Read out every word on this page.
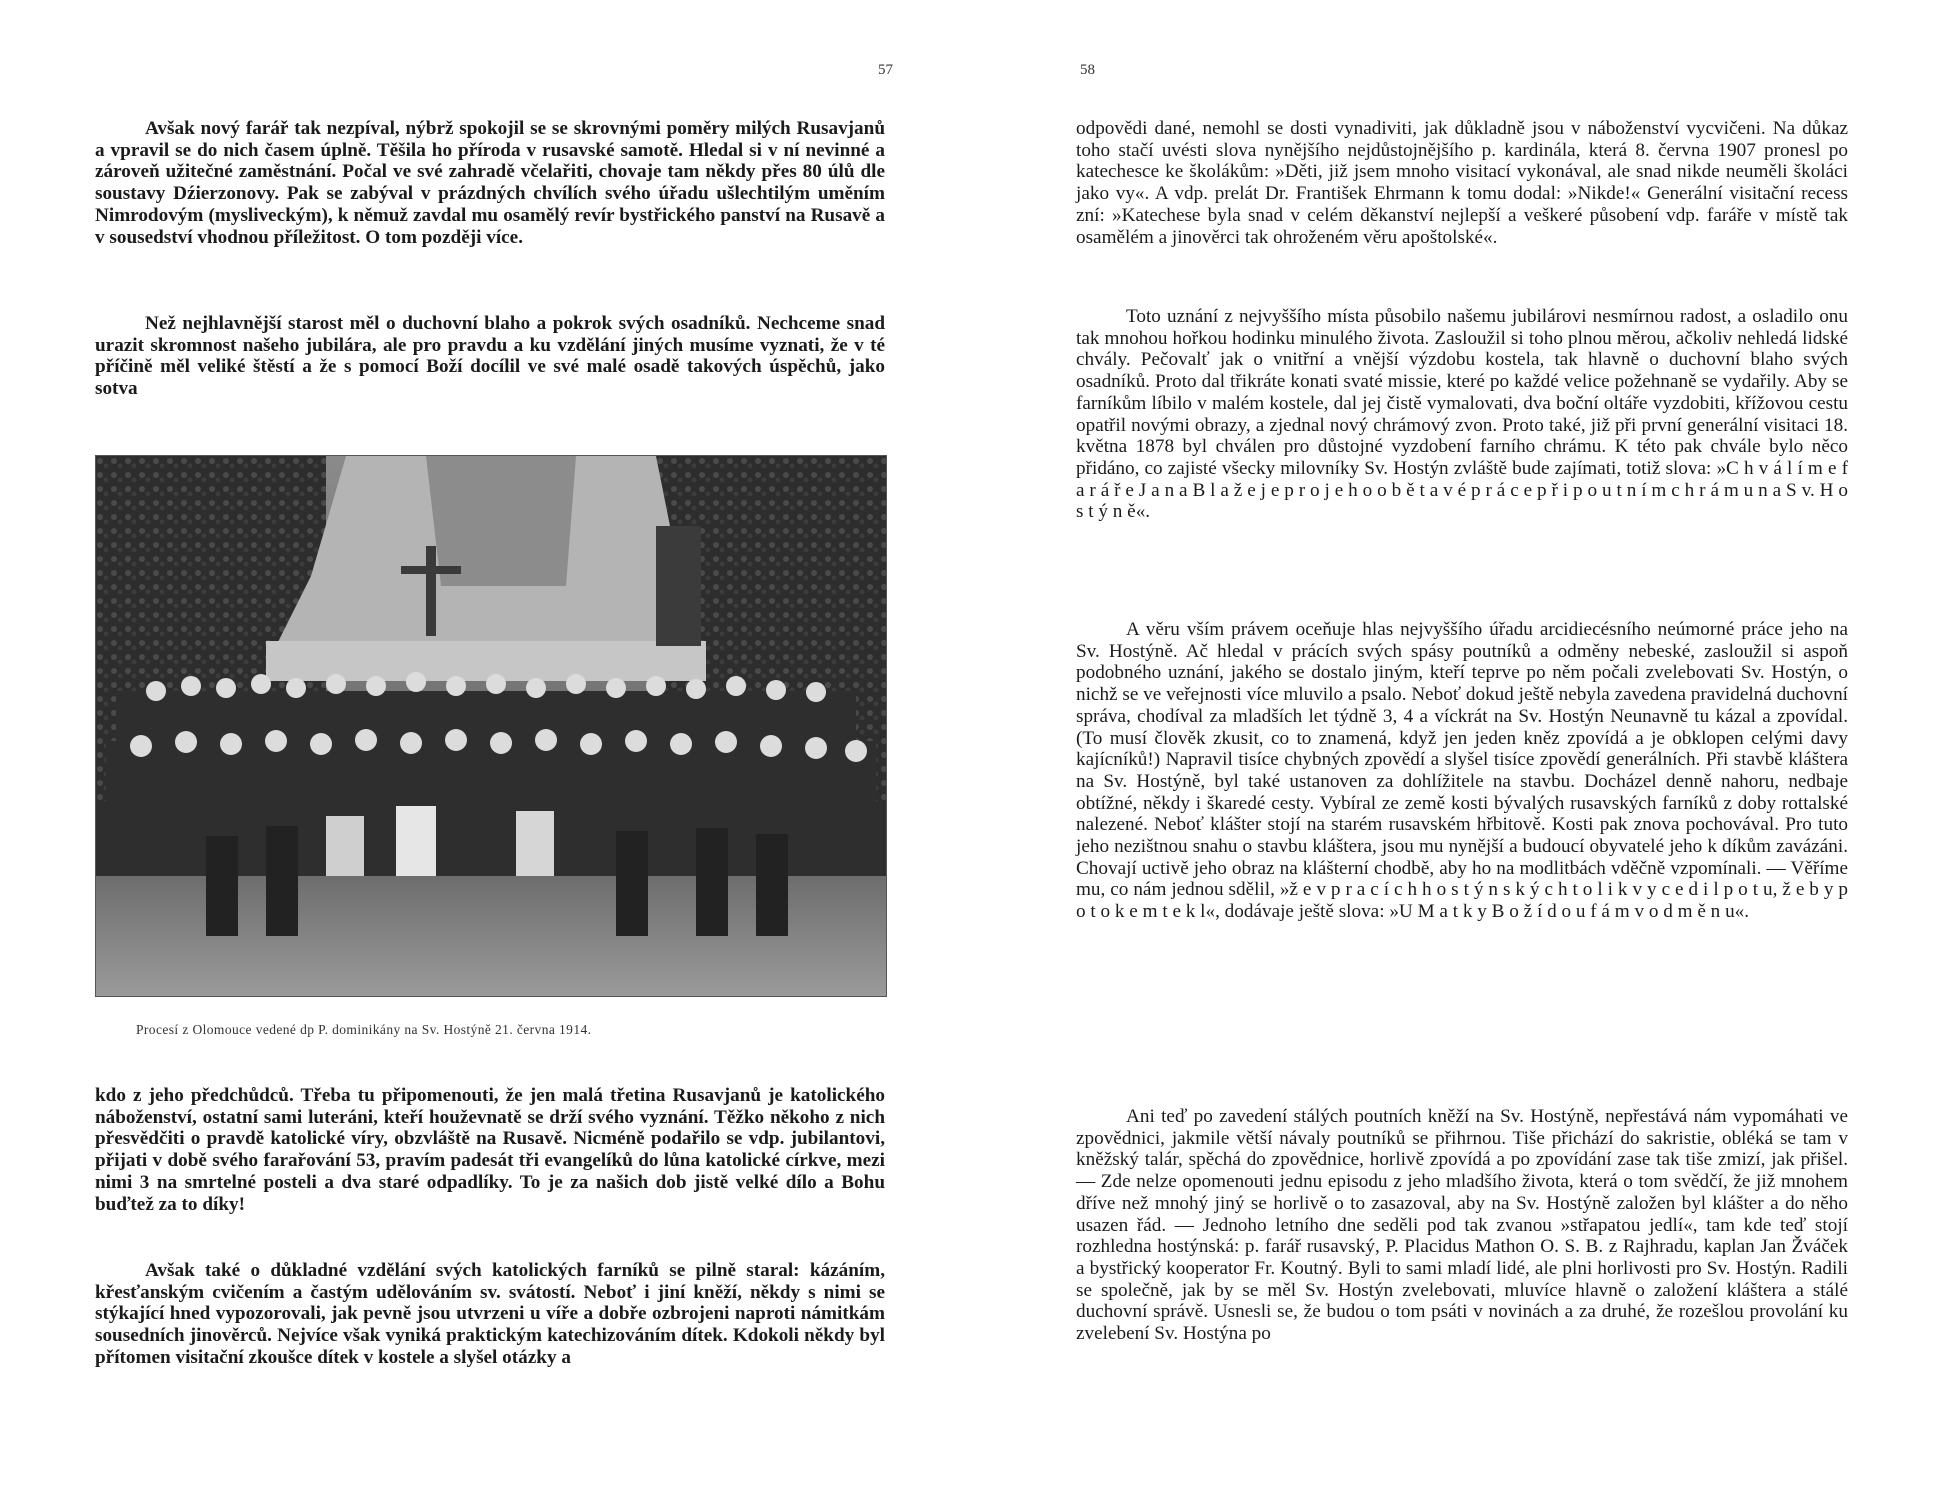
57

Avšak nový farář tak nezpíval, nýbrž spokojil se se skrovnými poměry milých Rusavjanů a vpravil se do nich časem úplně. Těšila ho příroda v rusavské samotě. Hledal si v ní nevinné a zároveň užitečné zaměstnání. Počal ve své zahradě včelařiti, chovaje tam někdy přes 80 úlů dle soustavy Dźierzonovy. Pak se zabýval v prázdných chvílích svého úřadu ušlechtilým uměním Nimrodovým (mysliveckým), k němuž zavdal mu osamělý revír bystřického panství na Rusavě a v sousedství vhodnou příležitost. O tom později více.

Než nejhlavnější starost měl o duchovní blaho a pokrok svých osadníků. Nechceme snad urazit skromnost našeho jubilára, ale pro pravdu a ku vzdělání jiných musíme vyznati, že v té příčině měl veliké štěstí a že s pomocí Boží docílil ve své malé osadě takových úspěchů, jako sotva

Procesí z Olomouce vedené dp P. dominikány na Sv. Hostýně 21. června 1914.

kdo z jeho předchůdců. Třeba tu připomenouti, že jen malá třetina Rusavjanů je katolického náboženství, ostatní sami luteráni, kteří houževnatě se drží svého vyznání. Těžko někoho z nich přesvědčiti o pravdě katolické víry, obzvláště na Rusavě. Nicméně podařilo se vdp. jubilantovi, přijati v době svého farařování 53, pravím padesát tři evangelíků do lůna katolické církve, mezi nimi 3 na smrtelné posteli a dva staré odpadlíky. To je za našich dob jistě velké dílo a Bohu buďtež za to díky!

Avšak také o důkladné vzdělání svých katolických farníků se pilně staral: kázáním, křesťanským cvičením a častým udělováním sv. svátostí. Neboť i jiní kněží, někdy s nimi se stýkající hned vypozorovali, jak pevně jsou utvrzeni u víře a dobře ozbrojeni naproti námitkám sousedních jinověrců. Nejvíce však vyniká praktickým katechizováním dítek. Kdokoli někdy byl přítomen visitační zkoušce dítek v kostele a slyšel otázky a

58

odpovědi dané, nemohl se dosti vynadiviti, jak důkladně jsou v náboženství vycvičeni. Na důkaz toho stačí uvésti slova nynějšího nejdůstojnějšího p. kardinála, která 8. června 1907 pronesl po katechesce ke školákům: »Děti, již jsem mnoho visitací vykonával, ale snad nikde neuměli školáci jako vy«. A vdp. prelát Dr. František Ehrmann k tomu dodal: »Nikde!« Generální visitační recess zní: »Katechese byla snad v celém děkanství nejlepší a veškeré působení vdp. faráře v místě tak osamělém a jinověrci tak ohroženém věru apoštolské«.

Toto uznání z nejvyššího místa působilo našemu jubilárovi nesmírnou radost, a osladilo onu tak mnohou hořkou hodinku minulého života. Zasloužil si toho plnou měrou, ačkoliv nehledá lidské chvály. Pečovalť jak o vnitřní a vnější výzdobu kostela, tak hlavně o duchovní blaho svých osadníků. Proto dal třikráte konati svaté missie, které po každé velice požehnaně se vydařily. Aby se farníkům líbilo v malém kostele, dal jej čistě vymalovati, dva boční oltáře vyzdobiti, křížovou cestu opatřil novými obrazy, a zjednal nový chrámový zvon. Proto také, již při první generální visitaci 18. května 1878 byl chválen pro důstojné vyzdobení farního chrámu. K této pak chvále bylo něco přidáno, co zajisté všecky milovníky Sv. Hostýn zvláště bude zajímati, totiž slova: »C h v á l í m e f a r á ř e J a n a B l a ž e j e p r o j e h o o b ě t a v é p r á c e p ř i p o u t n í m c h r á m u n a S v. H o s t ý n ě«.

A věru vším právem oceňuje hlas nejvyššího úřadu arcidiecésního neúmorné práce jeho na Sv. Hostýně. Ač hledal v prácích svých spásy poutníků a odměny nebeské, zasloužil si aspoň podobného uznání, jakého se dostalo jiným, kteří teprve po něm počali zvelebovati Sv. Hostýn, o nichž se ve veřejnosti více mluvilo a psalo. Neboť dokud ještě nebyla zavedena pravidelná duchovní správa, chodíval za mladších let týdně 3, 4 a víckrát na Sv. Hostýn Neunavně tu kázal a zpovídal. (To musí člověk zkusit, co to znamená, když jen jeden kněz zpovídá a je obklopen celými davy kajícníků!) Napravil tisíce chybných zpovědí a slyšel tisíce zpovědí generálních. Při stavbě kláštera na Sv. Hostýně, byl také ustanoven za dohlížitele na stavbu. Docházel denně nahoru, nedbaje obtížné, někdy i škaredé cesty. Vybíral ze země kosti bývalých rusavských farníků z doby rottalské nalezené. Neboť klášter stojí na starém rusavském hřbitově. Kosti pak znova pochovával. Pro tuto jeho nezištnou snahu o stavbu kláštera, jsou mu nynější a budoucí obyvatelé jeho k díkům zavázáni. Chovají uctivě jeho obraz na klášterní chodbě, aby ho na modlitbách vděčně vzpomínali. — Věříme mu, co nám jednou sdělil, »ž e v p r a c í c h h o s t ý n s k ý c h t o l i k v y c e d i l p o t u, ž e b y p o t o k e m t e k l«, dodávaje ještě slova: »U M a t k y B o ž í d o u f á m v o d m ě n u«.

Ani teď po zavedení stálých poutních kněží na Sv. Hostýně, nepřestává nám vypomáhati ve zpovědnici, jakmile větší návaly poutníků se přihrnou. Tiše přichází do sakristie, obléká se tam v kněžský talár, spěchá do zpovědnice, horlivě zpovídá a po zpovídání zase tak tiše zmizí, jak přišel. — Zde nelze opomenouti jednu episodu z jeho mladšího života, která o tom svědčí, že již mnohem dříve než mnohý jiný se horlivě o to zasazoval, aby na Sv. Hostýně založen byl klášter a do něho usazen řád. — Jednoho letního dne seděli pod tak zvanou »střapatou jedlí«, tam kde teď stojí rozhledna hostýnská: p. farář rusavský, P. Placidus Mathon O. S. B. z Rajhradu, kaplan Jan Žváček a bystřický kooperator Fr. Koutný. Byli to sami mladí lidé, ale plni horlivosti pro Sv. Hostýn. Radili se společně, jak by se měl Sv. Hostýn zvelebovati, mluvíce hlavně o založení kláštera a stálé duchovní správě. Usnesli se, že budou o tom psáti v novinách a za druhé, že rozešlou provolání ku zvelebení Sv. Hostýna po
